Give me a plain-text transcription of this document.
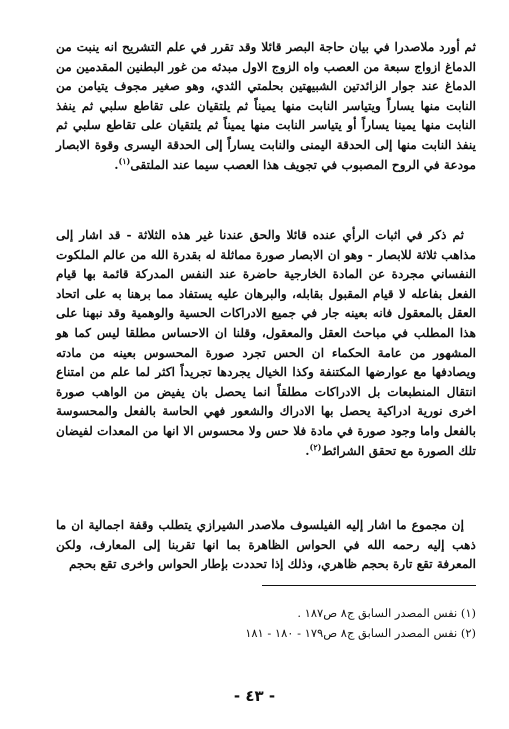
ثم أورد ملاصدرا في بيان حاجة البصر قائلا وقد تقرر في علم التشريح انه ينبت من الدماغ ازواج سبعة من العصب واه الزوج الاول مبدئه من غور البطنين المقدمين من الدماغ عند جوار الزائدتين الشبيهتين بحلمتي الثدي، وهو صغير مجوف يتيامن من النابت منها يساراً ويتياسر النابت منها يميناً ثم يلتقيان على تقاطع سلبي ثم ينفذ النابت منها يمينا يساراً أو يتياسر النابت منها يميناً ثم يلتقيان على تقاطع سلبي ثم ينفذ النابت منها إلى الحدقة اليمنى والنابت يساراً إلى الحدقة اليسرى وقوة الابصار مودعة في الروح المصبوب في تجويف هذا العصب سيما عند الملتقى$^{(١)}$.

ثم ذكر في اثبات الرأي عنده قائلا والحق عندنا غير هذه الثلاثة - قد اشار إلى مذاهب ثلاثة للابصار - وهو ان الابصار صورة مماثلة له بقدرة الله من عالم الملكوت النفساني مجردة عن المادة الخارجية حاضرة عند النفس المدركة قائمة بها قيام الفعل بفاعله لا قيام المقبول بقابله، والبرهان عليه يستفاد مما برهنا به على اتحاد العقل بالمعقول فانه بعينه جار في جميع الادراكات الحسية والوهمية وقد نبهنا على هذا المطلب في مباحث العقل والمعقول، وقلنا ان الاحساس مطلقا ليس كما هو المشهور من عامة الحكماء ان الحس تجرد صورة المحسوس بعينه من مادته ويصادفها مع عوارضها المكتنفة وكذا الخيال يجردها تجريداً اكثر لما علم من امتناع انتقال المنطبعات بل الادراكات مطلقاً انما يحصل بان يفيض من الواهب صورة اخرى نورية ادراكية يحصل بها الادراك والشعور فهي الحاسة بالفعل والمحسوسة بالفعل واما وجود صورة في مادة فلا حس ولا محسوس الا انها من المعدات لفيضان تلك الصورة مع تحقق الشرائط$^{(٢)}$.

إن مجموع ما اشار إليه الفيلسوف ملاصدر الشيرازي يتطلب وقفة اجمالية ان ما ذهب إليه رحمه الله في الحواس الظاهرة بما انها تقربنا إلى المعارف، ولكن المعرفة تقع تارة بحجم ظاهري، وذلك إذا تحددت بإطار الحواس واخرى تقع بحجم

(١) نفس المصدر السابق ج٨ ص١٨٧ .
(٢) نفس المصدر السابق ج٨ ص١٧٩ - ١٨٠ - ١٨١
- ٤٣ -
